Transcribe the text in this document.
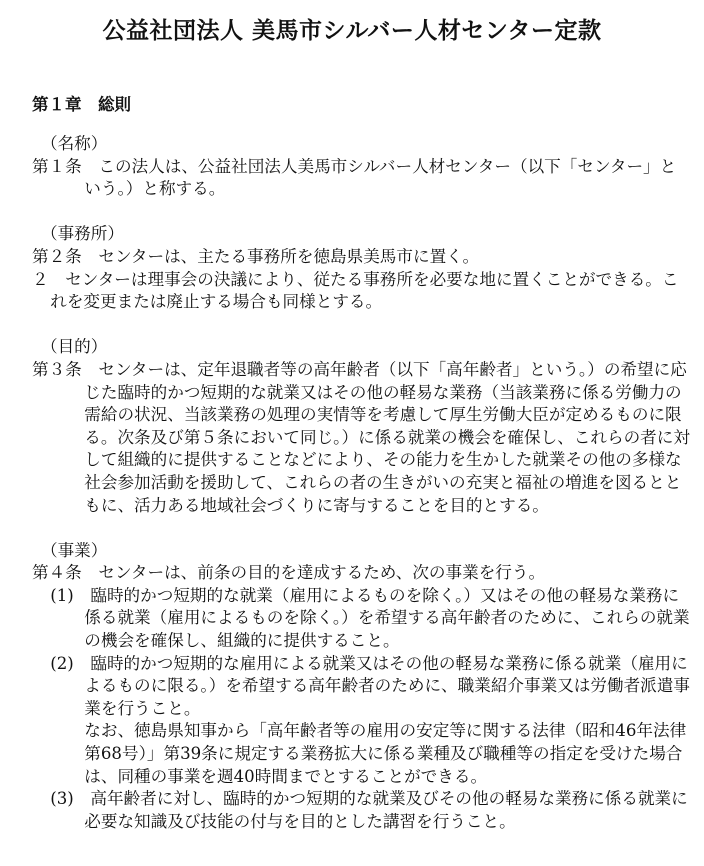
公益社団法人 美馬市シルバー人材センター定款
第１章　総則
（名称）
第１条　 この法人は、公益社団法人美馬市シルバー人材センター（以下「センター」という。）と称する。
（事務所）
第２条　 センターは、主たる事務所を徳島県美馬市に置く。
２　 センターは理事会の決議により、従たる事務所を必要な地に置くことができる。これを変更または廃止する場合も同様とする。
（目的）
第３条　 センターは、定年退職者等の高年齢者（以下「高年齢者」という。）の希望に応じた臨時的かつ短期的な就業又はその他の軽易な業務（当該業務に係る労働力の需給の状況、当該業務の処理の実情等を考慮して厚生労働大臣が定めるものに限る。次条及び第５条において同じ。）に係る就業の機会を確保し、これらの者に対して組織的に提供することなどにより、その能力を生かした就業その他の多様な社会参加活動を援助して、これらの者の生きがいの充実と福祉の増進を図るとともに、活力ある地域社会づくりに寄与することを目的とする。
（事業）
第４条　 センターは、前条の目的を達成するため、次の事業を行う。
(1)　 臨時的かつ短期的な就業（雇用によるものを除く。）又はその他の軽易な業務に係る就業（雇用によるものを除く。）を希望する高年齢者のために、これらの就業の機会を確保し、組織的に提供すること。
(2)　 臨時的かつ短期的な雇用による就業又はその他の軽易な業務に係る就業（雇用によるものに限る。）を希望する高年齢者のために、職業紹介事業又は労働者派遣事業を行うこと。
なお、徳島県知事から「高年齢者等の雇用の安定等に関する法律（昭和46年法律第68号）」第39条に規定する業務拡大に係る業種及び職種等の指定を受けた場合は、同種の事業を週40時間までとすることができる。
(3)　 高年齢者に対し、臨時的かつ短期的な就業及びその他の軽易な業務に係る就業に必要な知識及び技能の付与を目的とした講習を行うこと。
